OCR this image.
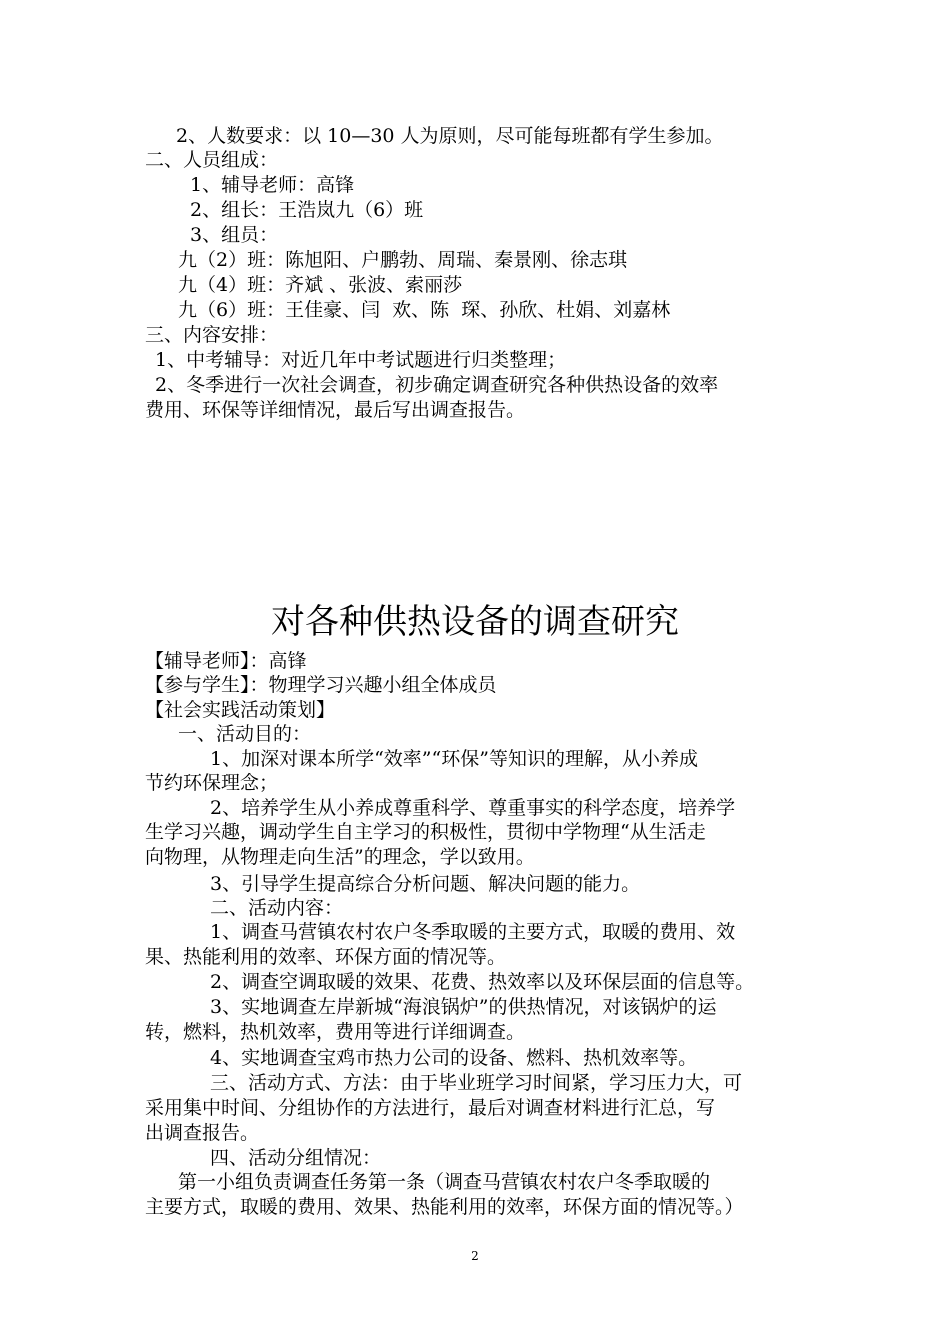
2、人数要求：以 10—30 人为原则，尽可能每班都有学生参加。
二、人员组成：
1、辅导老师：高锋
2、组长：王浩岚九（6）班
3、组员：
九（2）班：陈旭阳、户鹏勃、周瑞、秦景刚、徐志琪
九（4）班：齐斌 、张波、索丽莎
九（6）班：王佳豪、闫  欢、陈  琛、孙欣、杜娟、刘嘉林
三、内容安排：
1、中考辅导：对近几年中考试题进行归类整理；
2、冬季进行一次社会调查，初步确定调查研究各种供热设备的效率
费用、环保等详细情况，最后写出调查报告。
对各种供热设备的调查研究
【辅导老师】：高锋
【参与学生】：物理学习兴趣小组全体成员
【社会实践活动策划】
一、活动目的：
1、加深对课本所学“效率”“环保”等知识的理解，从小养成
节约环保理念；
2、培养学生从小养成尊重科学、尊重事实的科学态度，培养学
生学习兴趣，调动学生自主学习的积极性，贯彻中学物理“从生活走
向物理，从物理走向生活”的理念，学以致用。
3、引导学生提高综合分析问题、解决问题的能力。
二、活动内容：
1、调查马营镇农村农户冬季取暖的主要方式，取暖的费用、效
果、热能利用的效率、环保方面的情况等。
2、调查空调取暖的效果、花费、热效率以及环保层面的信息等。
3、实地调查左岸新城“海浪锅炉”的供热情况，对该锅炉的运
转，燃料，热机效率，费用等进行详细调查。
4、实地调查宝鸡市热力公司的设备、燃料、热机效率等。
三、活动方式、方法：由于毕业班学习时间紧，学习压力大，可
采用集中时间、分组协作的方法进行，最后对调查材料进行汇总，写
出调查报告。
四、活动分组情况：
第一小组负责调查任务第一条（调查马营镇农村农户冬季取暖的
主要方式，取暖的费用、效果、热能利用的效率，环保方面的情况等。）
2
